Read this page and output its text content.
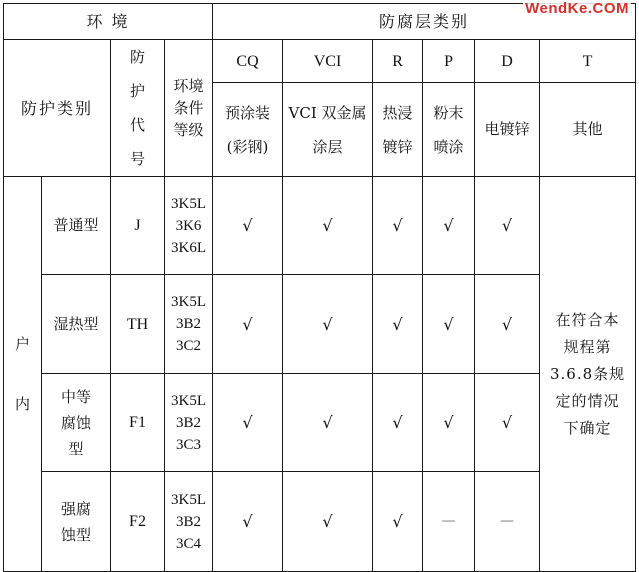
环 境				防腐层类别					
防护类别		防护代号	环境条件等级	CQ	VCI	R	P	D	T
				预涂装(彩钢)	VCI 双金属涂层	热浸镀锌	粉末喷涂	电镀锌	其他
户内	普通型	J	3K5L 3K6 3K6L	√	√	√	√	√	在符合本规程第3.6.8条规定的情况下确定
	湿热型	TH	3K5L 3B2 3C2	√	√	√	√	√	
	中等腐蚀型	F1	3K5L 3B2 3C3	√	√	√	√	√	
	强腐蚀型	F2	3K5L 3B2 3C4	√	√	√	—	—	
WendKe.COM
